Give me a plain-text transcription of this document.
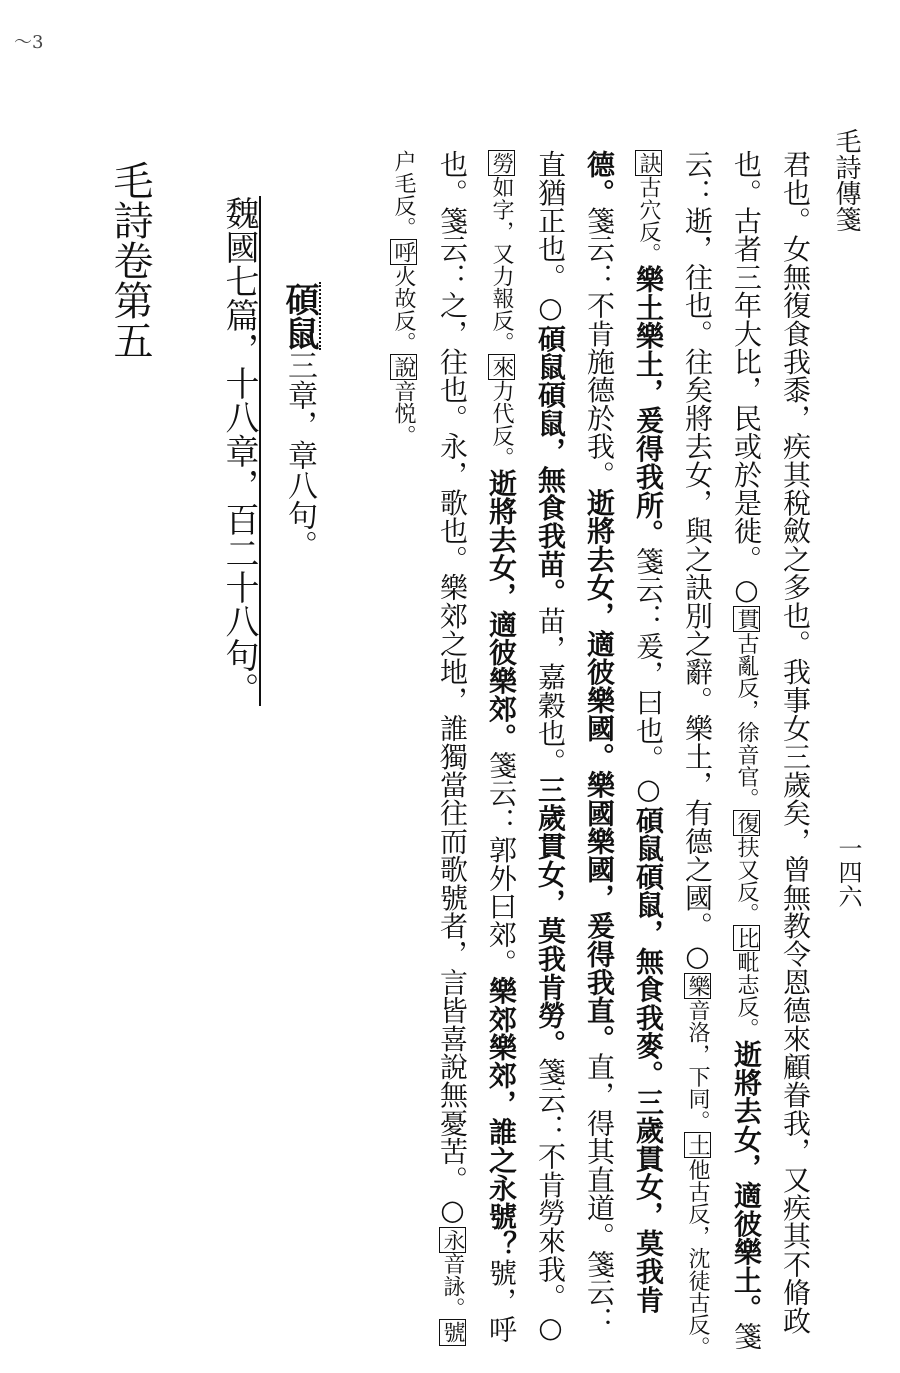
〜3
毛詩傳箋
一四六
君也。女無復食我黍，疾其稅斂之多也。我事女三歲矣，曾無教令恩德來顧眷我，又疾其不脩政也。古者三年大比，民或於是徙。○貫古亂反，徐音官。復扶又反。比毗志反。逝將去女，適彼樂土。箋云：逝，往也。往矣將去女，與之訣別之辭。樂土，有德之國。○樂音洛，下同。土他古反，沈徒古反。訣古穴反。樂土樂土，爰得我所。箋云：爰，曰也。○碩鼠碩鼠，無食我麥。三歲貫女，莫我肯德。箋云：不肯施德於我。逝將去女，適彼樂國。樂國樂國，爰得我直。直，得其直道。箋云：直猶正也。○碩鼠碩鼠，無食我苗。苗，嘉穀也。三歲貫女，莫我肯勞。箋云：不肯勞來我。○勞如字，又力報反。來力代反。逝將去女，適彼樂郊。箋云：郭外曰郊。樂郊樂郊，誰之永號？號，呼也。箋云：之，往也。永，歌也。樂郊之地，誰獨當往而歌號者，言皆喜說無憂苦。○永音詠。號户毛反。呼火故反。說音悦。
碩鼠三章，章八句。
魏國七篇，十八章，百二十八句。
毛詩卷第五
